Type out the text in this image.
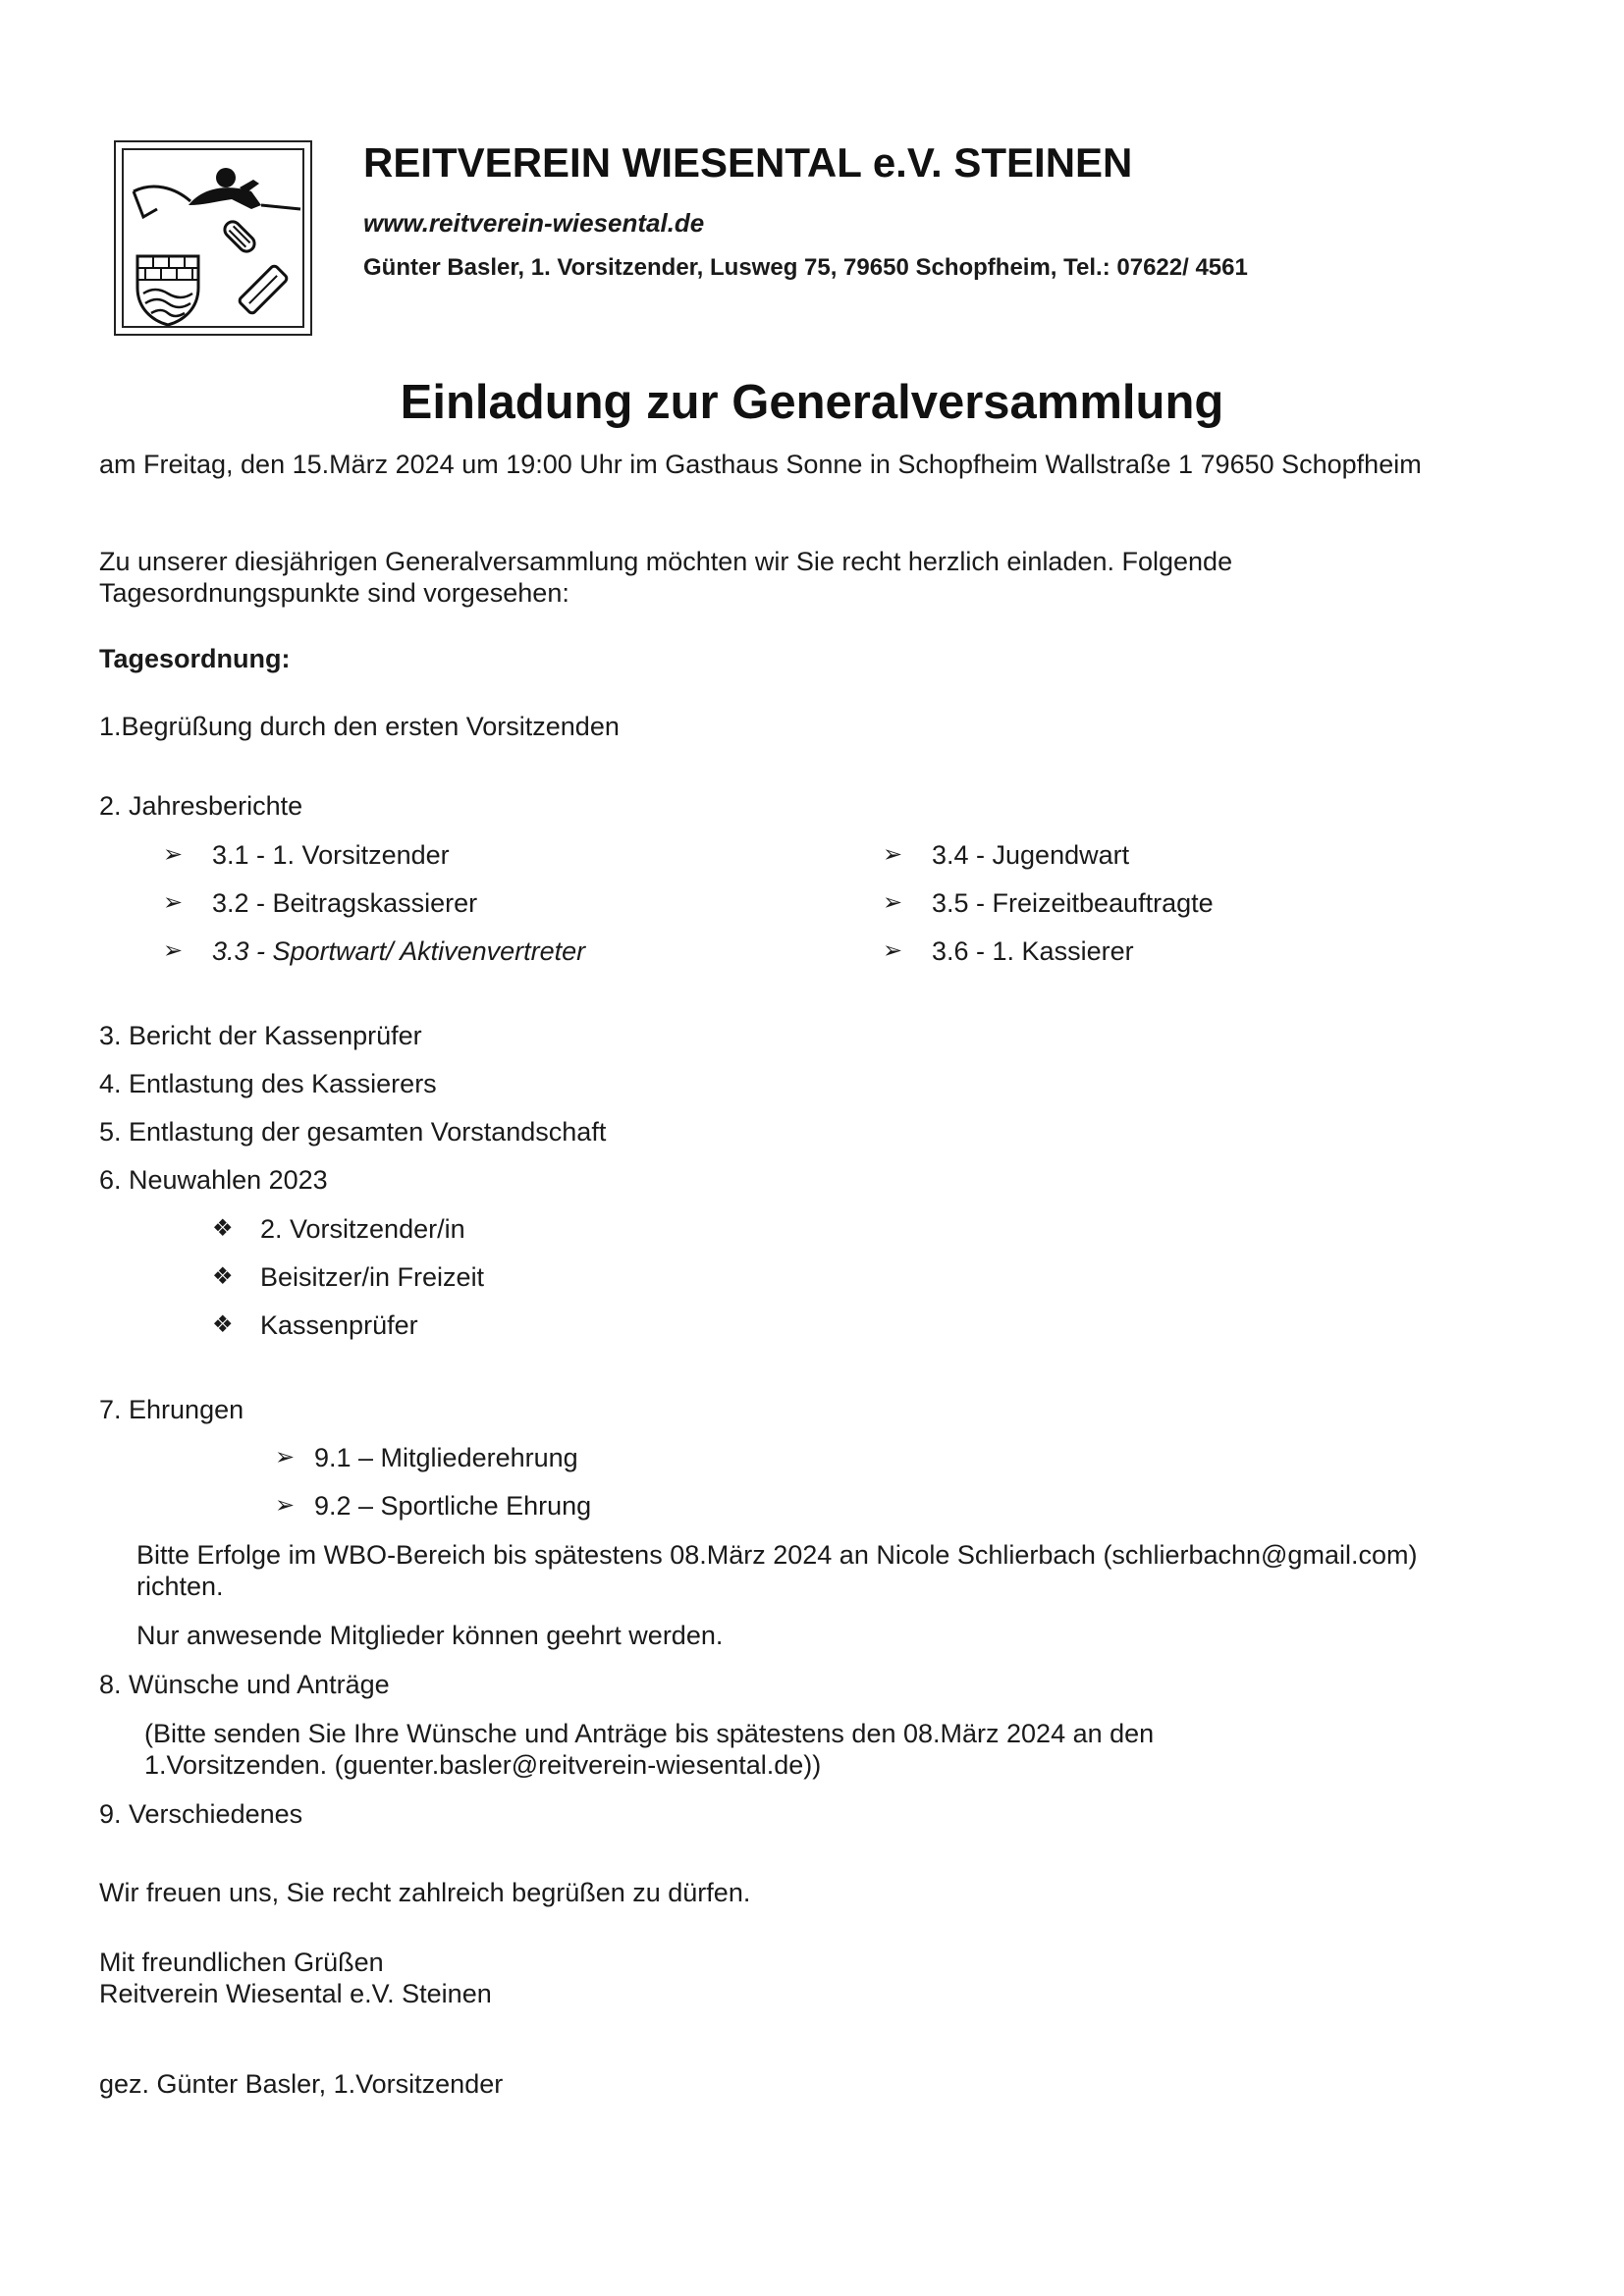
REITVEREIN WIESENTAL e.V. STEINEN
www.reitverein-wiesental.de
Günter Basler, 1. Vorsitzender, Lusweg 75, 79650 Schopfheim, Tel.: 07622/ 4561
Einladung zur Generalversammlung
am Freitag, den 15.März 2024 um 19:00 Uhr im Gasthaus Sonne in Schopfheim Wallstraße 1 79650 Schopfheim
Zu unserer diesjährigen Generalversammlung möchten wir Sie recht herzlich einladen. Folgende
Tagesordnungspunkte sind vorgesehen:
Tagesordnung:
1.Begrüßung durch den ersten Vorsitzenden
2. Jahresberichte
➢ 3.1 - 1. Vorsitzender
➢ 3.2 - Beitragskassierer
➢ 3.3 - Sportwart/ Aktivenvertreter
➢ 3.4 - Jugendwart
➢ 3.5 - Freizeitbeauftragte
➢ 3.6 - 1. Kassierer
3. Bericht der Kassenprüfer
4. Entlastung des Kassierers
5. Entlastung der gesamten Vorstandschaft
6. Neuwahlen 2023
❖ 2. Vorsitzender/in
❖ Beisitzer/in Freizeit
❖ Kassenprüfer
7. Ehrungen
➢ 9.1 – Mitgliederehrung
➢ 9.2 – Sportliche Ehrung
Bitte Erfolge im WBO-Bereich bis spätestens 08.März 2024 an Nicole Schlierbach (schlierbachn@gmail.com)
richten.
Nur anwesende Mitglieder können geehrt werden.
8. Wünsche und Anträge
(Bitte senden Sie Ihre Wünsche und Anträge bis spätestens den 08.März 2024 an den
1.Vorsitzenden. (guenter.basler@reitverein-wiesental.de))
9. Verschiedenes
Wir freuen uns, Sie recht zahlreich begrüßen zu dürfen.
Mit freundlichen Grüßen
Reitverein Wiesental e.V. Steinen
gez. Günter Basler, 1.Vorsitzender
